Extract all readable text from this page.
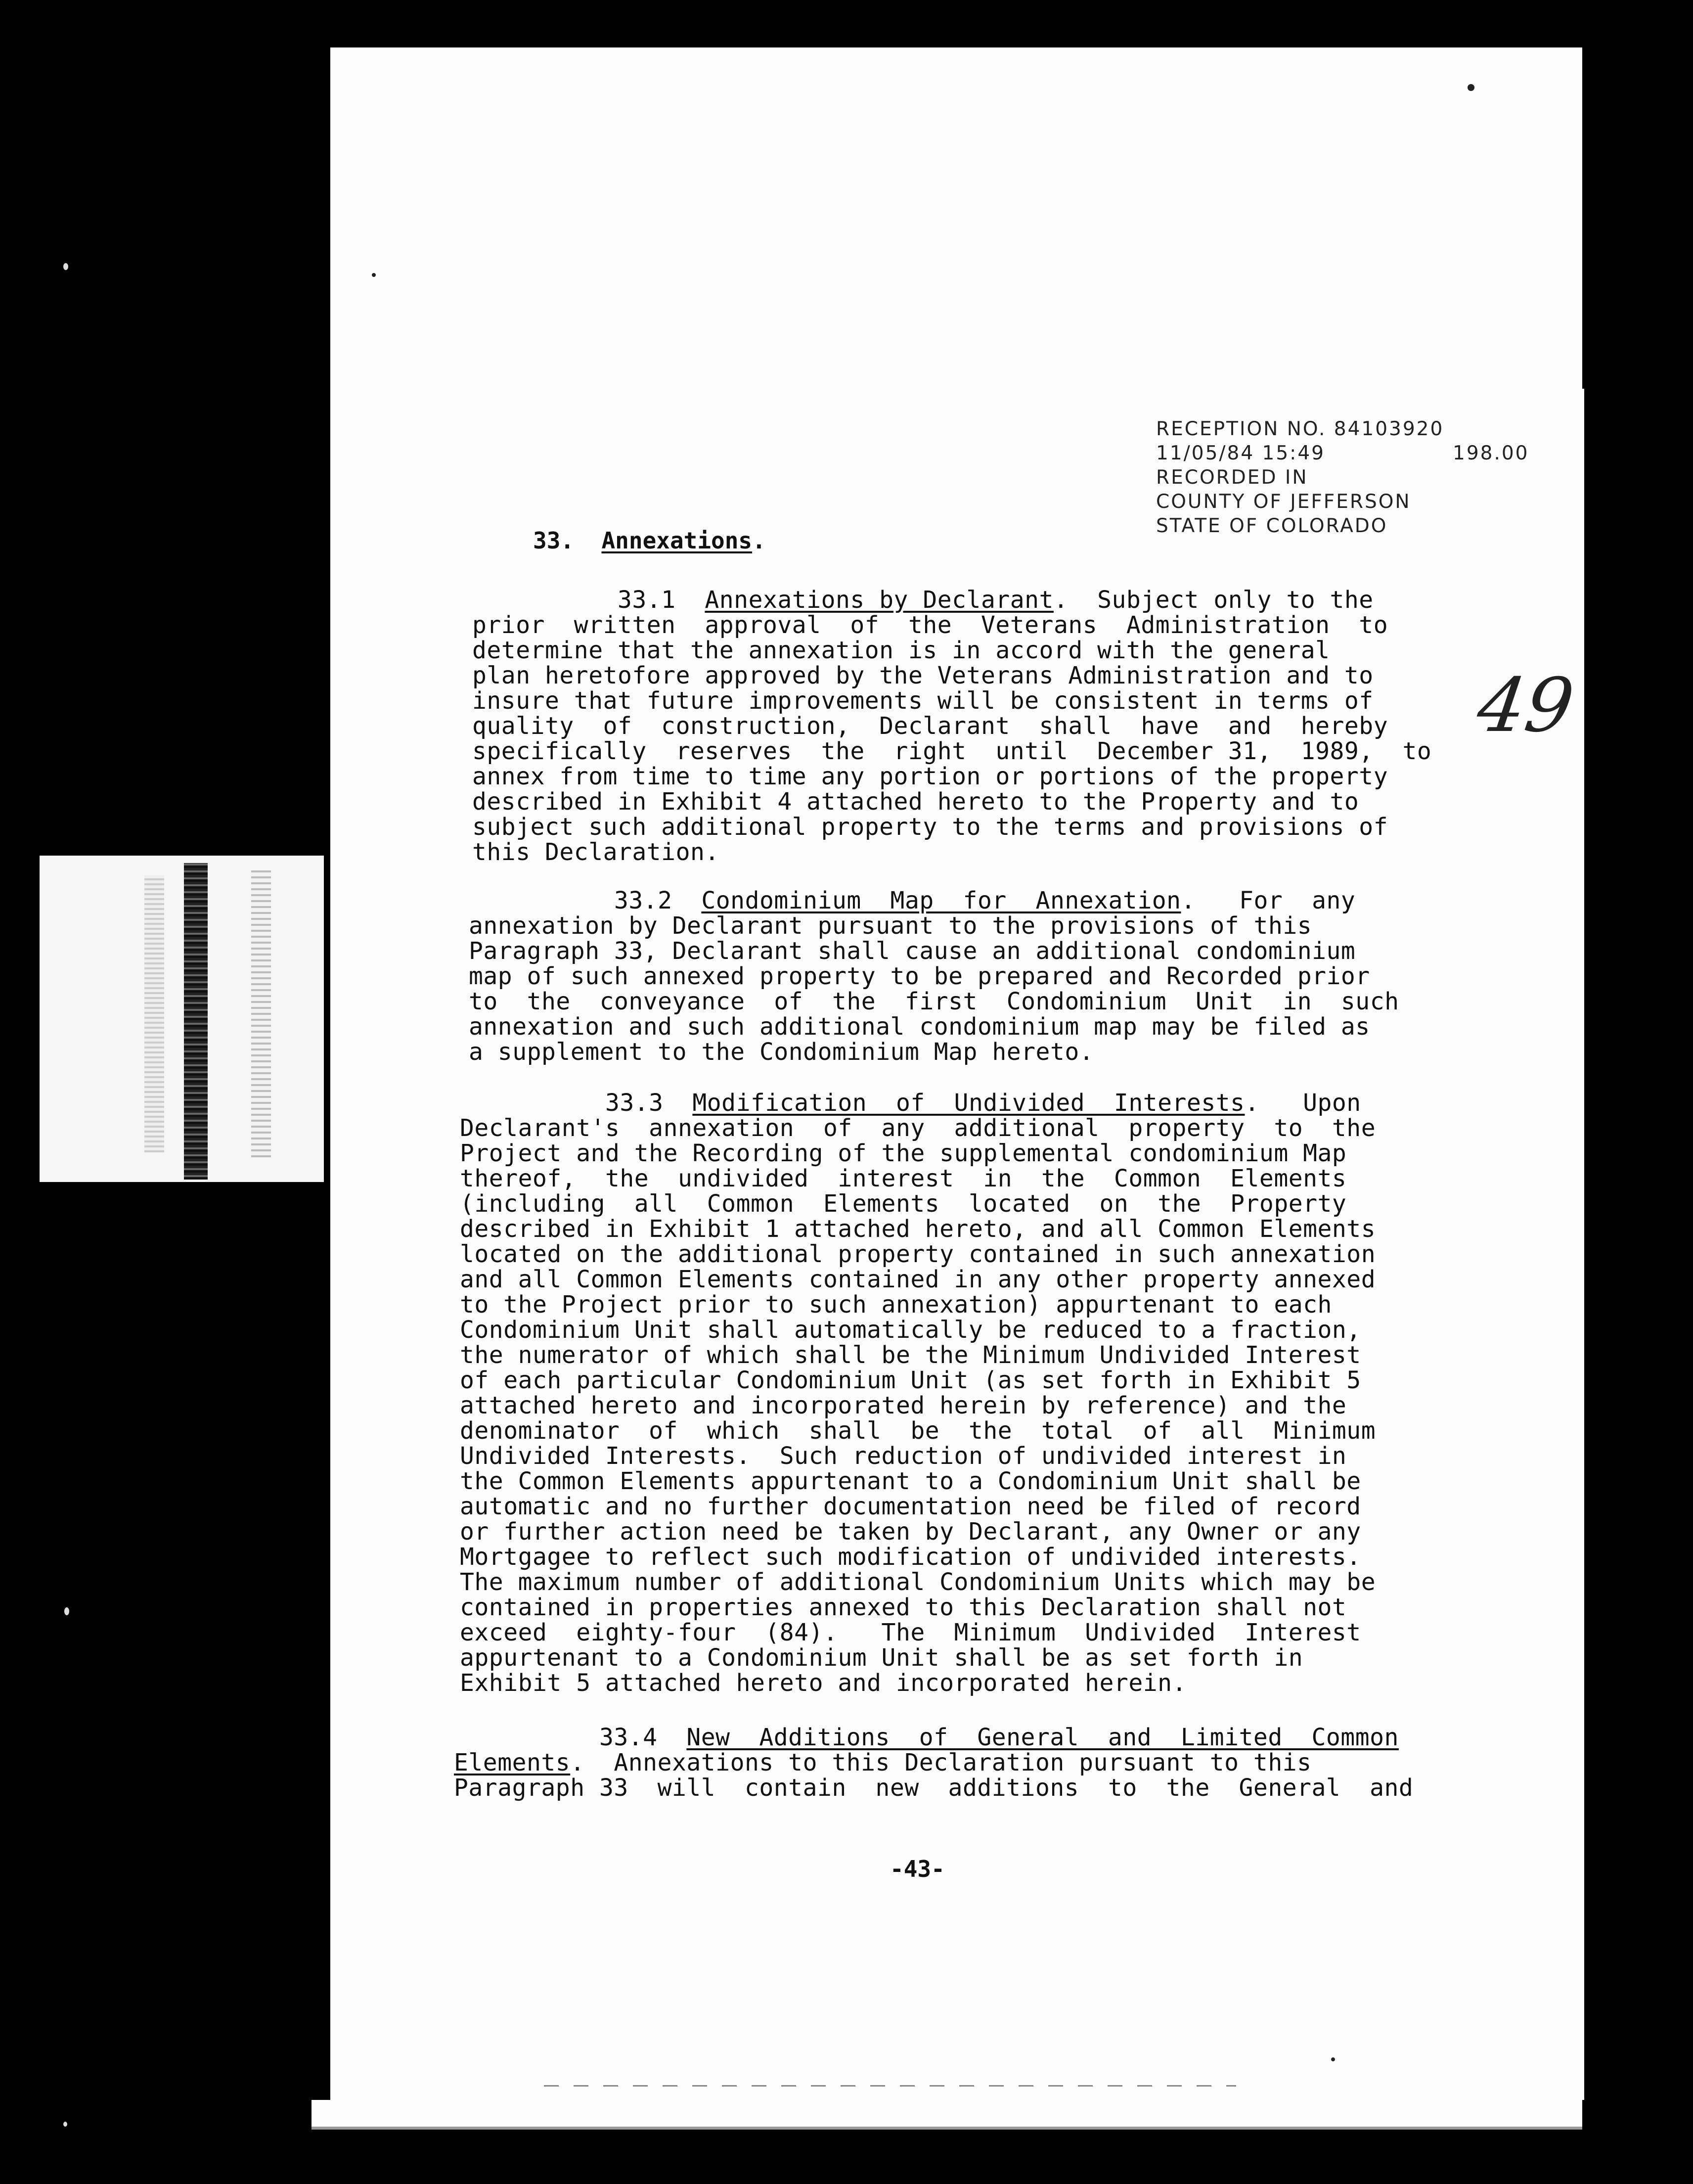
RECEPTION NO. 84103920
11/05/84 15:49	198.00
RECORDED IN
COUNTY OF JEFFERSON
STATE OF COLORADO
49
33. Annexations.
33.1 Annexations by Declarant.  Subject only to the
prior  written  approval  of  the  Veterans  Administration  to
determine that the annexation is in accord with the general
plan heretofore approved by the Veterans Administration and to
insure that future improvements will be consistent in terms of
quality  of  construction,  Declarant  shall  have  and  hereby
specifically  reserves  the  right  until  December 31,  1989,  to
annex from time to time any portion or portions of the property
described in Exhibit 4 attached hereto to the Property and to
subject such additional property to the terms and provisions of
this Declaration.
33.2 Condominium  Map  for  Annexation.   For  any
annexation by Declarant pursuant to the provisions of this
Paragraph 33, Declarant shall cause an additional condominium
map of such annexed property to be prepared and Recorded prior
to  the  conveyance  of  the  first  Condominium  Unit  in  such
annexation and such additional condominium map may be filed as
a supplement to the Condominium Map hereto.
33.3 Modification  of  Undivided  Interests.   Upon
Declarant's  annexation  of  any  additional  property  to  the
Project and the Recording of the supplemental condominium Map
thereof,  the  undivided  interest  in  the  Common  Elements
(including  all  Common  Elements  located  on  the  Property
described in Exhibit 1 attached hereto, and all Common Elements
located on the additional property contained in such annexation
and all Common Elements contained in any other property annexed
to the Project prior to such annexation) appurtenant to each
Condominium Unit shall automatically be reduced to a fraction,
the numerator of which shall be the Minimum Undivided Interest
of each particular Condominium Unit (as set forth in Exhibit 5
attached hereto and incorporated herein by reference) and the
denominator  of  which  shall  be  the  total  of  all  Minimum
Undivided Interests.  Such reduction of undivided interest in
the Common Elements appurtenant to a Condominium Unit shall be
automatic and no further documentation need be filed of record
or further action need be taken by Declarant, any Owner or any
Mortgagee to reflect such modification of undivided interests.
The maximum number of additional Condominium Units which may be
contained in properties annexed to this Declaration shall not
exceed  eighty-four  (84).   The  Minimum  Undivided  Interest
appurtenant to a Condominium Unit shall be as set forth in
Exhibit 5 attached hereto and incorporated herein.
33.4 New  Additions  of  General  and  Limited  Common
Elements.  Annexations to this Declaration pursuant to this
Paragraph 33  will  contain  new  additions  to  the  General  and
-43-
